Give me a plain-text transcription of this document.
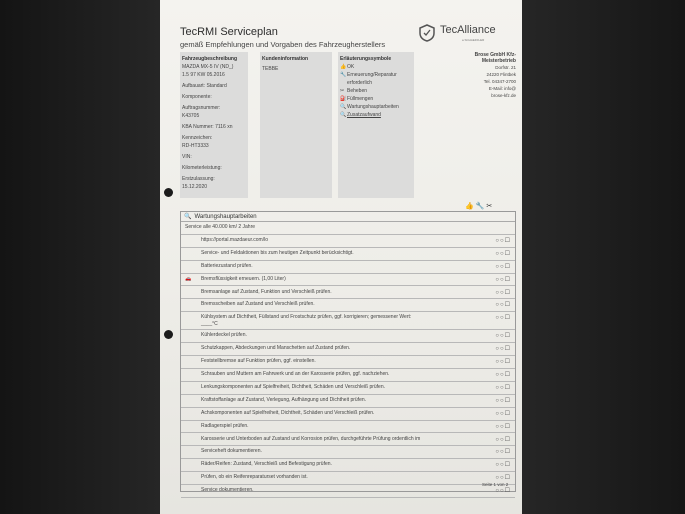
TecRMI Serviceplan
gemäß Empfehlungen und Vorgaben des Fahrzeugherstellers
TecAlliance
a SCHAEFFLER
Fahrzeugbeschreibung
MAZDA MX-5 IV (ND_)
1.5 97 KW 05.2016
Aufbauart: Standard
Komponente:
Auftragsnummer:
K43705
KBA Nummer: 7116 xn
Kennzeichen:
RD-HT3333
VIN:
Kilometerleistung:
Erstzulassung:
15.12.2020
Kundeninformation
TEBBE
Erläuterungssymbole
👍OK
🔧Erneuerung/Reparatur
erforderlich
✂ Beheben
⛽Füllmengen
🔍Wartungshauptarbeiten
🔍Zusatzaufwand
Brose GmbH Kfz-
Meisterbetrieb
Dorfstr. 21
24220 Flintbek
Tel. 04347-2700
E-Mail: info@
brose-kfz.de
👍🔧✂
🔍 Wartungshauptarbeiten
Service alle 40.000 km/ 2 Jahre
https://portal.mazdaeur.com/lo	○○☐
Service- und Feldaktionen bis zum heutigen Zeitpunkt berücksichtigt.	○○☐
Batteriezustand prüfen.	○○☐
🚗 Bremsflüssigkeit erneuern. (1,00 Liter)	○○☐
Bremsanlage auf Zustand, Funktion und Verschleiß prüfen.	○○☐
Bremsscheiben auf Zustand und Verschleiß prüfen.	○○☐
Kühlsystem auf Dichtheit, Füllstand und Frostschutz prüfen, ggf. korrigieren; gemessener Wert:
____°C
○○☐
Kühlerdeckel prüfen.	○○☐
Schutzkappen, Abdeckungen und Manschetten auf Zustand prüfen.	○○☐
Feststellbremse auf Funktion prüfen, ggf. einstellen.	○○☐
Schrauben und Muttern am Fahrwerk und an der Karosserie prüfen, ggf. nachziehen.	○○☐
Lenkungskomponenten auf Spielfreiheit, Dichtheit, Schäden und Verschleiß prüfen.	○○☐
Kraftstoffanlage auf Zustand, Verlegung, Aufhängung und Dichtheit prüfen.	○○☐
Achskomponenten auf Spielfreiheit, Dichtheit, Schäden und Verschleiß prüfen.	○○☐
Radlagerspiel prüfen.	○○☐
Karosserie und Unterboden auf Zustand und Korrosion prüfen, durchgeführte Prüfung ordentlich im	○○☐
Serviceheft dokumentieren.	○○☐
Räder/Reifen: Zustand, Verschleiß und Befestigung prüfen.	○○☐
Prüfen, ob ein Reifenreparaturset vorhanden ist.	○○☐
Service dokumentieren.	○○☐
Seite 1 von 2
